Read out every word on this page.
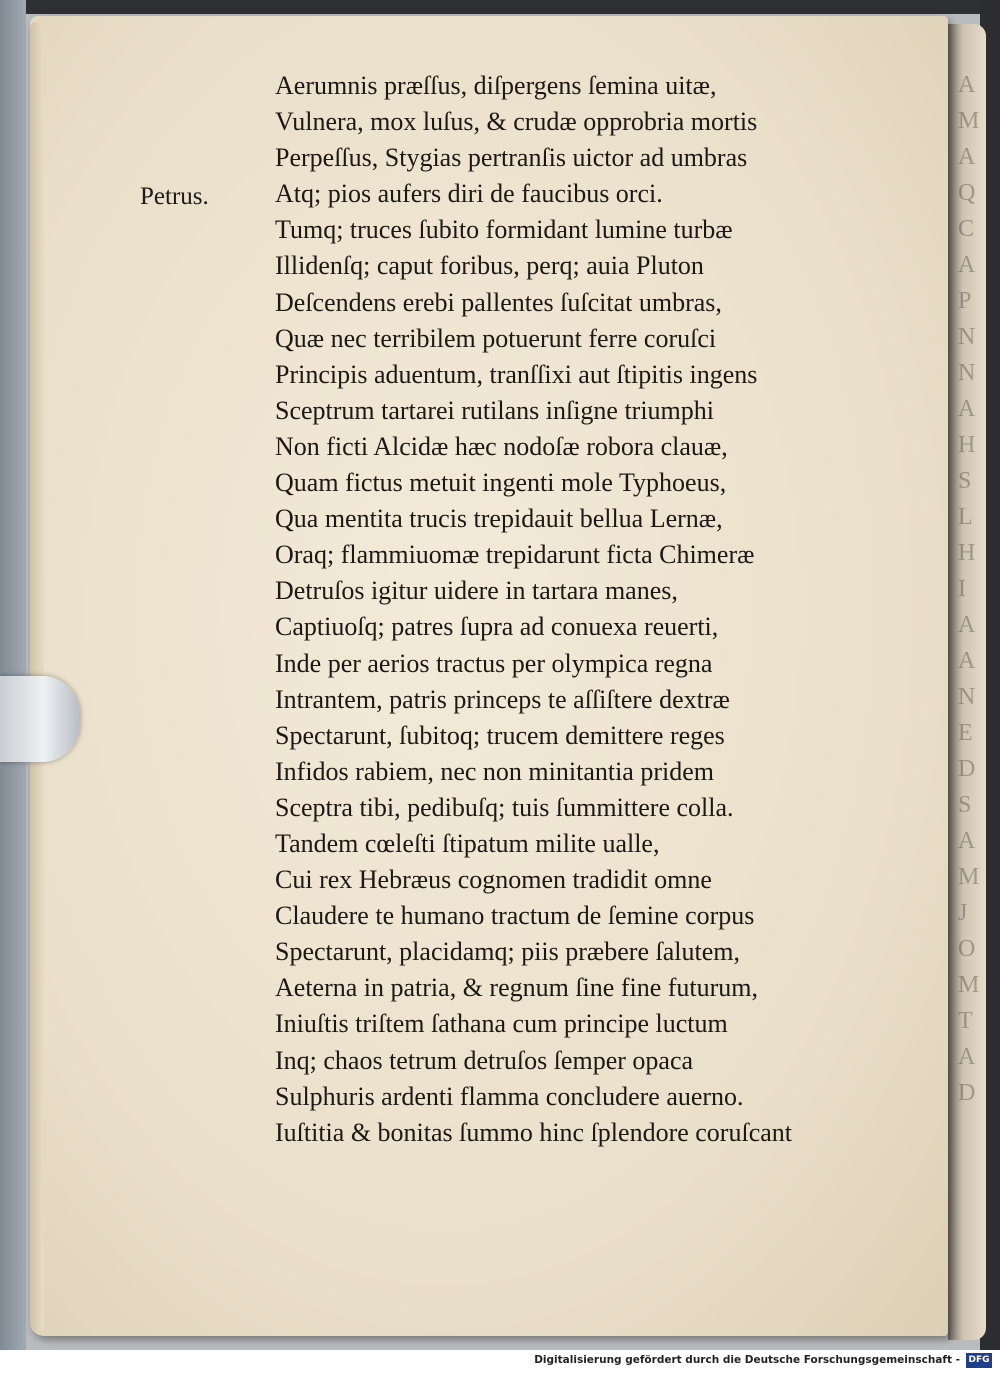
A
M
A
Q
C
A
P
N
N
A
H
S
L
H
I
A
A
N
E
D
S
A
M
J
O
M
T
A
D
Petrus.
Aerumnis præſſus, diſpergens ſemina uitæ,
Vulnera, mox luſus, & crudæ opprobria mortis
Perpeſſus, Stygias pertranſis uictor ad umbras
Atq; pios aufers diri de faucibus orci.
Tumq; truces ſubito formidant lumine turbæ
Illidenſq; caput foribus, perq; auia Pluton
Deſcendens erebi pallentes ſuſcitat umbras,
Quæ nec terribilem potuerunt ferre coruſci
Principis aduentum, tranſſixi aut ſtipitis ingens
Sceptrum tartarei rutilans inſigne triumphi
Non ficti Alcidæ hæc nodoſæ robora clauæ,
Quam fictus metuit ingenti mole Typhoeus,
Qua mentita trucis trepidauit bellua Lernæ,
Oraq; flammiuomæ trepidarunt ficta Chimeræ
Detruſos igitur uidere in tartara manes,
Captiuoſq; patres ſupra ad conuexa reuerti,
Inde per aerios tractus per olympica regna
Intrantem, patris princeps te aſſiſtere dextræ
Spectarunt, ſubitoq; trucem demittere reges
Infidos rabiem, nec non minitantia pridem
Sceptra tibi, pedibuſq; tuis ſummittere colla.
Tandem cœleſti ſtipatum milite ualle,
Cui rex Hebræus cognomen tradidit omne
Claudere te humano tractum de ſemine corpus
Spectarunt, placidamq; piis præbere ſalutem,
Aeterna in patria, & regnum ſine fine futurum,
Iniuſtis triſtem ſathana cum principe luctum
Inq; chaos tetrum detruſos ſemper opaca
Sulphuris ardenti flamma concludere auerno.
Iuſtitia & bonitas ſummo hinc ſplendore coruſcant
Digitalisierung gefördert durch die Deutsche Forschungsgemeinschaft - DFG
